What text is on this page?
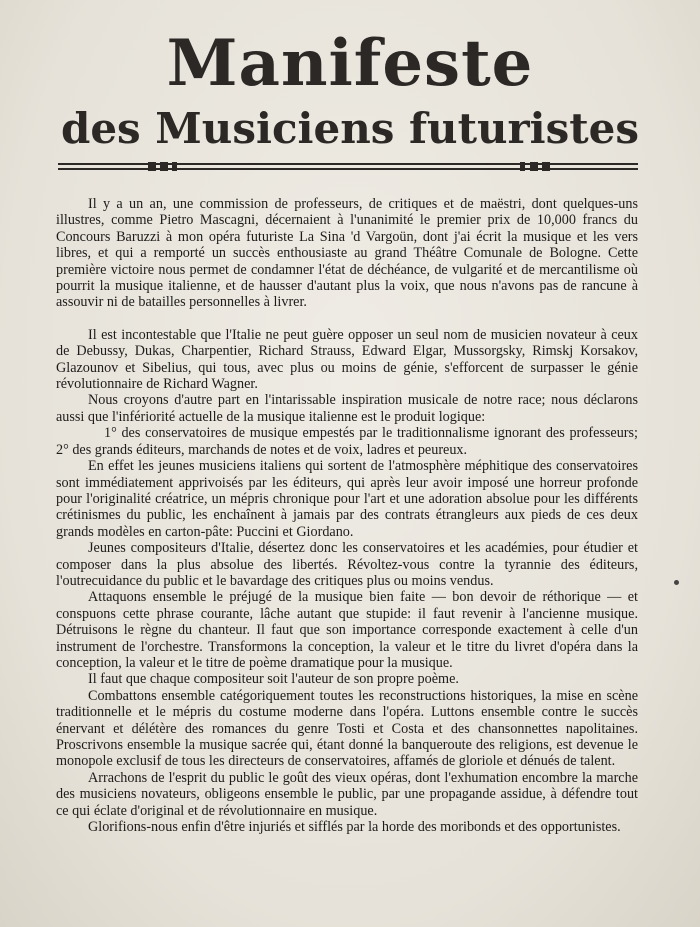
Manifeste
des Musiciens futuristes

Il y a un an, une commission de professeurs, de critiques et de maëstri, dont quelques-uns illustres, comme Pietro Mascagni, décernaient à l'unanimité le premier prix de 10,000 francs du Concours Baruzzi à mon opéra futuriste La Sina 'd Vargoün, dont j'ai écrit la musique et les vers libres, et qui a remporté un succès enthousiaste au grand Théâtre Comunale de Bologne. Cette première victoire nous permet de condamner l'état de déchéance, de vulgarité et de mercantilisme où pourrit la musique italienne, et de hausser d'autant plus la voix, que nous n'avons pas de rancune à assouvir ni de batailles personnelles à livrer.

Il est incontestable que l'Italie ne peut guère opposer un seul nom de musicien novateur à ceux de Debussy, Dukas, Charpentier, Richard Strauss, Edward Elgar, Mussorgsky, Rimskj Korsakov, Glazounov et Sibelius, qui tous, avec plus ou moins de génie, s'efforcent de surpasser le génie révolutionnaire de Richard Wagner.

Nous croyons d'autre part en l'intarissable inspiration musicale de notre race; nous déclarons aussi que l'infériorité actuelle de la musique italienne est le produit logique:

1° des conservatoires de musique empestés par le traditionnalisme ignorant des professeurs; 2° des grands éditeurs, marchands de notes et de voix, ladres et peureux.

En effet les jeunes musiciens italiens qui sortent de l'atmosphère méphitique des conservatoires sont immédiatement apprivoisés par les éditeurs, qui après leur avoir imposé une horreur profonde pour l'originalité créatrice, un mépris chronique pour l'art et une adoration absolue pour les différents crétinismes du public, les enchaînent à jamais par des contrats étrangleurs aux pieds de ces deux grands modèles en carton-pâte: Puccini et Giordano.

Jeunes compositeurs d'Italie, désertez donc les conservatoires et les académies, pour étudier et composer dans la plus absolue des libertés. Révoltez-vous contre la tyrannie des éditeurs, l'outrecuidance du public et le bavardage des critiques plus ou moins vendus.

Attaquons ensemble le préjugé de la musique bien faite — bon devoir de réthorique — et conspuons cette phrase courante, lâche autant que stupide: il faut revenir à l'ancienne musique. Détruisons le règne du chanteur. Il faut que son importance corresponde exactement à celle d'un instrument de l'orchestre. Transformons la conception, la valeur et le titre du livret d'opéra dans la conception, la valeur et le titre de poème dramatique pour la musique.

Il faut que chaque compositeur soit l'auteur de son propre poème.

Combattons ensemble catégoriquement toutes les reconstructions historiques, la mise en scène traditionnelle et le mépris du costume moderne dans l'opéra. Luttons ensemble contre le succès énervant et délétère des romances du genre Tosti et Costa et des chansonnettes napolitaines. Proscrivons ensemble la musique sacrée qui, étant donné la banqueroute des religions, est devenue le monopole exclusif de tous les directeurs de conservatoires, affamés de gloriole et dénués de talent.

Arrachons de l'esprit du public le goût des vieux opéras, dont l'exhumation encombre la marche des musiciens novateurs, obligeons ensemble le public, par une propagande assidue, à défendre tout ce qui éclate d'original et de révolutionnaire en musique.

Glorifions-nous enfin d'être injuriés et sifflés par la horde des moribonds et des opportunistes.
